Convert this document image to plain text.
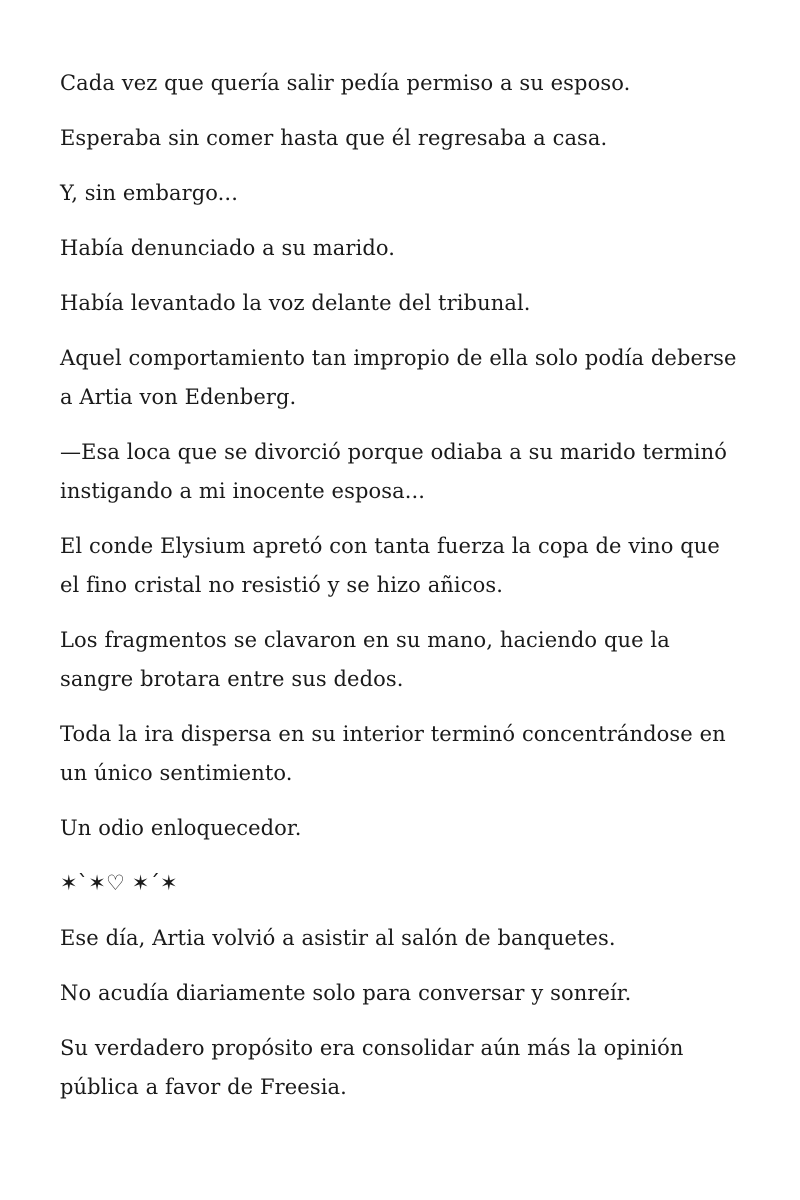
Cada vez que quería salir pedía permiso a su esposo.

Esperaba sin comer hasta que él regresaba a casa.

Y, sin embargo...

Había denunciado a su marido.

Había levantado la voz delante del tribunal.

Aquel comportamiento tan impropio de ella solo podía deberse a Artia von Edenberg.

—Esa loca que se divorció porque odiaba a su marido terminó instigando a mi inocente esposa...

El conde Elysium apretó con tanta fuerza la copa de vino que el fino cristal no resistió y se hizo añicos.

Los fragmentos se clavaron en su mano, haciendo que la sangre brotara entre sus dedos.

Toda la ira dispersa en su interior terminó concentrándose en un único sentimiento.

Un odio enloquecedor.

✶`✶♡ ✶´✶

Ese día, Artia volvió a asistir al salón de banquetes.

No acudía diariamente solo para conversar y sonreír.

Su verdadero propósito era consolidar aún más la opinión pública a favor de Freesia.
